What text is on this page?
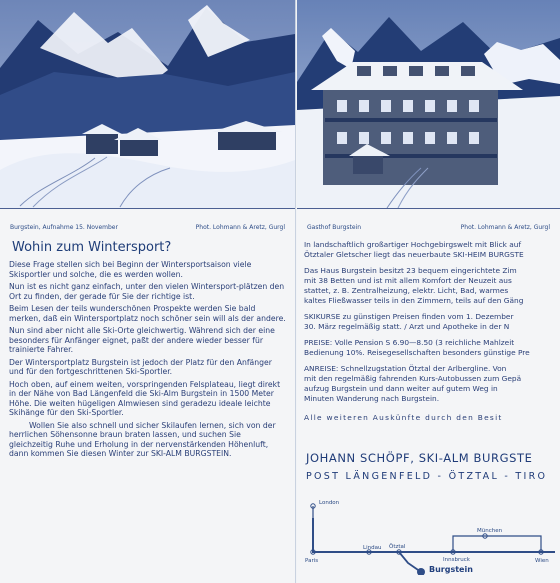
Burgstein, Aufnahme 15. November	Phot. Lohmann & Aretz, Gurgl
Wohin zum Wintersport?

Diese Frage stellen sich bei Beginn der Wintersportsaison viele Skisportler und solche, die es werden wollen.

Nun ist es nicht ganz einfach, unter den vielen Wintersport-plätzen den Ort zu finden, der gerade für Sie der richtige ist.

Beim Lesen der teils wunderschönen Prospekte werden Sie bald merken, daß ein Wintersportplatz noch schöner sein will als der andere.

Nun sind aber nicht alle Ski-Orte gleichwertig. Während sich der eine besonders für Anfänger eignet, paßt der andere wieder besser für trainierte Fahrer.

Der Wintersportplatz Burgstein ist jedoch der Platz für den Anfänger und für den fortgeschrittenen Ski-Sportler.

Hoch oben, auf einem weiten, vorspringenden Felsplateau, liegt direkt in der Nähe von Bad Längenfeld die Ski-Alm Burgstein in 1500 Meter Höhe. Die weiten hügeligen Almwiesen sind geradezu ideale leichte Skihänge für den Ski-Sportler.

Wollen Sie also schnell und sicher Skilaufen lernen, sich von der herrlichen Söhensonne braun braten lassen, und suchen Sie gleichzeitig Ruhe und Erholung in der nervenstärkenden Höhenluft, dann kommen Sie diesen Winter zur SKI-ALM BURGSTEIN.

Gasthof Burgstein	Phot. Lohmann & Aretz, Gurgl
In landschaftlich großartiger Hochgebirgswelt mit Blick auf
Ötztaler Gletscher liegt das neuerbaute SKI-HEIM BURGSTE
Das Haus Burgstein besitzt 23 bequem eingerichtete Zim
mit 38 Betten und ist mit allem Komfort der Neuzeit aus
stattet, z. B. Zentralheizung, elektr. Licht, Bad, warmes
kaltes Fließwasser teils in den Zimmern, teils auf den Gäng
SKIKURSE zu günstigen Preisen finden vom 1. Dezember
30. März regelmäßig statt. / Arzt und Apotheke in der N
PREISE: Volle Pension S 6.90—8.50 (3 reichliche Mahlzeit
Bedienung 10%. Reisegesellschaften besonders günstige Pre
ANREISE: Schnellzugstation Ötztal der Arlbergline. Von
mit den regelmäßig fahrenden Kurs-Autobussen zum Gepä
aufzug Burgstein und dann weiter auf gutem Weg in
Minuten Wanderung nach Burgstein.
Alle weiteren Auskünfte durch den Besit
JOHANN SCHÖPF, SKI-ALM BURGSTE
POST LÄNGENFELD - ÖTZTAL - TIRO
London
Paris
Lindau Ötztal
Innsbruck
München
Wien
Burgstein
